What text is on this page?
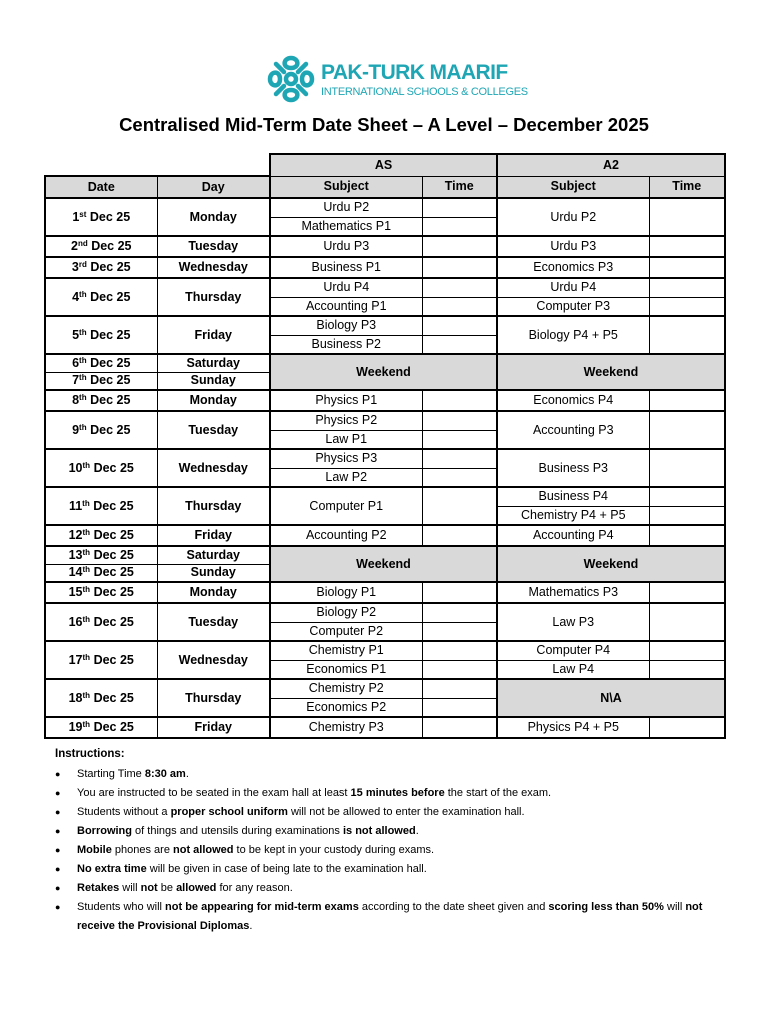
PAK-TURK MAARIF
INTERNATIONAL SCHOOLS & COLLEGES
Centralised Mid-Term Date Sheet – A Level – December 2025
		AS		A2	
Date	Day	Subject	Time	Subject	Time
1st Dec 25	Monday	Urdu P2		Urdu P2	
		Mathematics P1			
2nd Dec 25	Tuesday	Urdu P3		Urdu P3	
3rd Dec 25	Wednesday	Business P1		Economics P3	
4th Dec 25	Thursday	Urdu P4		Urdu P4	
		Accounting P1		Computer P3	
5th Dec 25	Friday	Biology P3		Biology P4 + P5	
		Business P2			
6th Dec 25	Saturday	Weekend		Weekend	
7th Dec 25	Sunday				
8th Dec 25	Monday	Physics P1		Economics P4	
9th Dec 25	Tuesday	Physics P2		Accounting P3	
		Law P1			
10th Dec 25	Wednesday	Physics P3		Business P3	
		Law P2			
11th Dec 25	Thursday	Computer P1		Business P4	
				Chemistry P4 + P5	
12th Dec 25	Friday	Accounting P2		Accounting P4	
13th Dec 25	Saturday	Weekend		Weekend	
14th Dec 25	Sunday				
15th Dec 25	Monday	Biology P1		Mathematics P3	
16th Dec 25	Tuesday	Biology P2		Law P3	
		Computer P2			
17th Dec 25	Wednesday	Chemistry P1		Computer P4	
		Economics P1		Law P4	
18th Dec 25	Thursday	Chemistry P2		N\A	
		Economics P2			
19th Dec 25	Friday	Chemistry P3		Physics P4 + P5	
Instructions:
● Starting Time 8:30 am.
● You are instructed to be seated in the exam hall at least 15 minutes before the start of the exam.
● Students without a proper school uniform will not be allowed to enter the examination hall.
● Borrowing of things and utensils during examinations is not allowed.
● Mobile phones are not allowed to be kept in your custody during exams.
● No extra time will be given in case of being late to the examination hall.
● Retakes will not be allowed for any reason.
● Students who will not be appearing for mid-term exams according to the date sheet given and scoring less than 50% will not receive the Provisional Diplomas.
